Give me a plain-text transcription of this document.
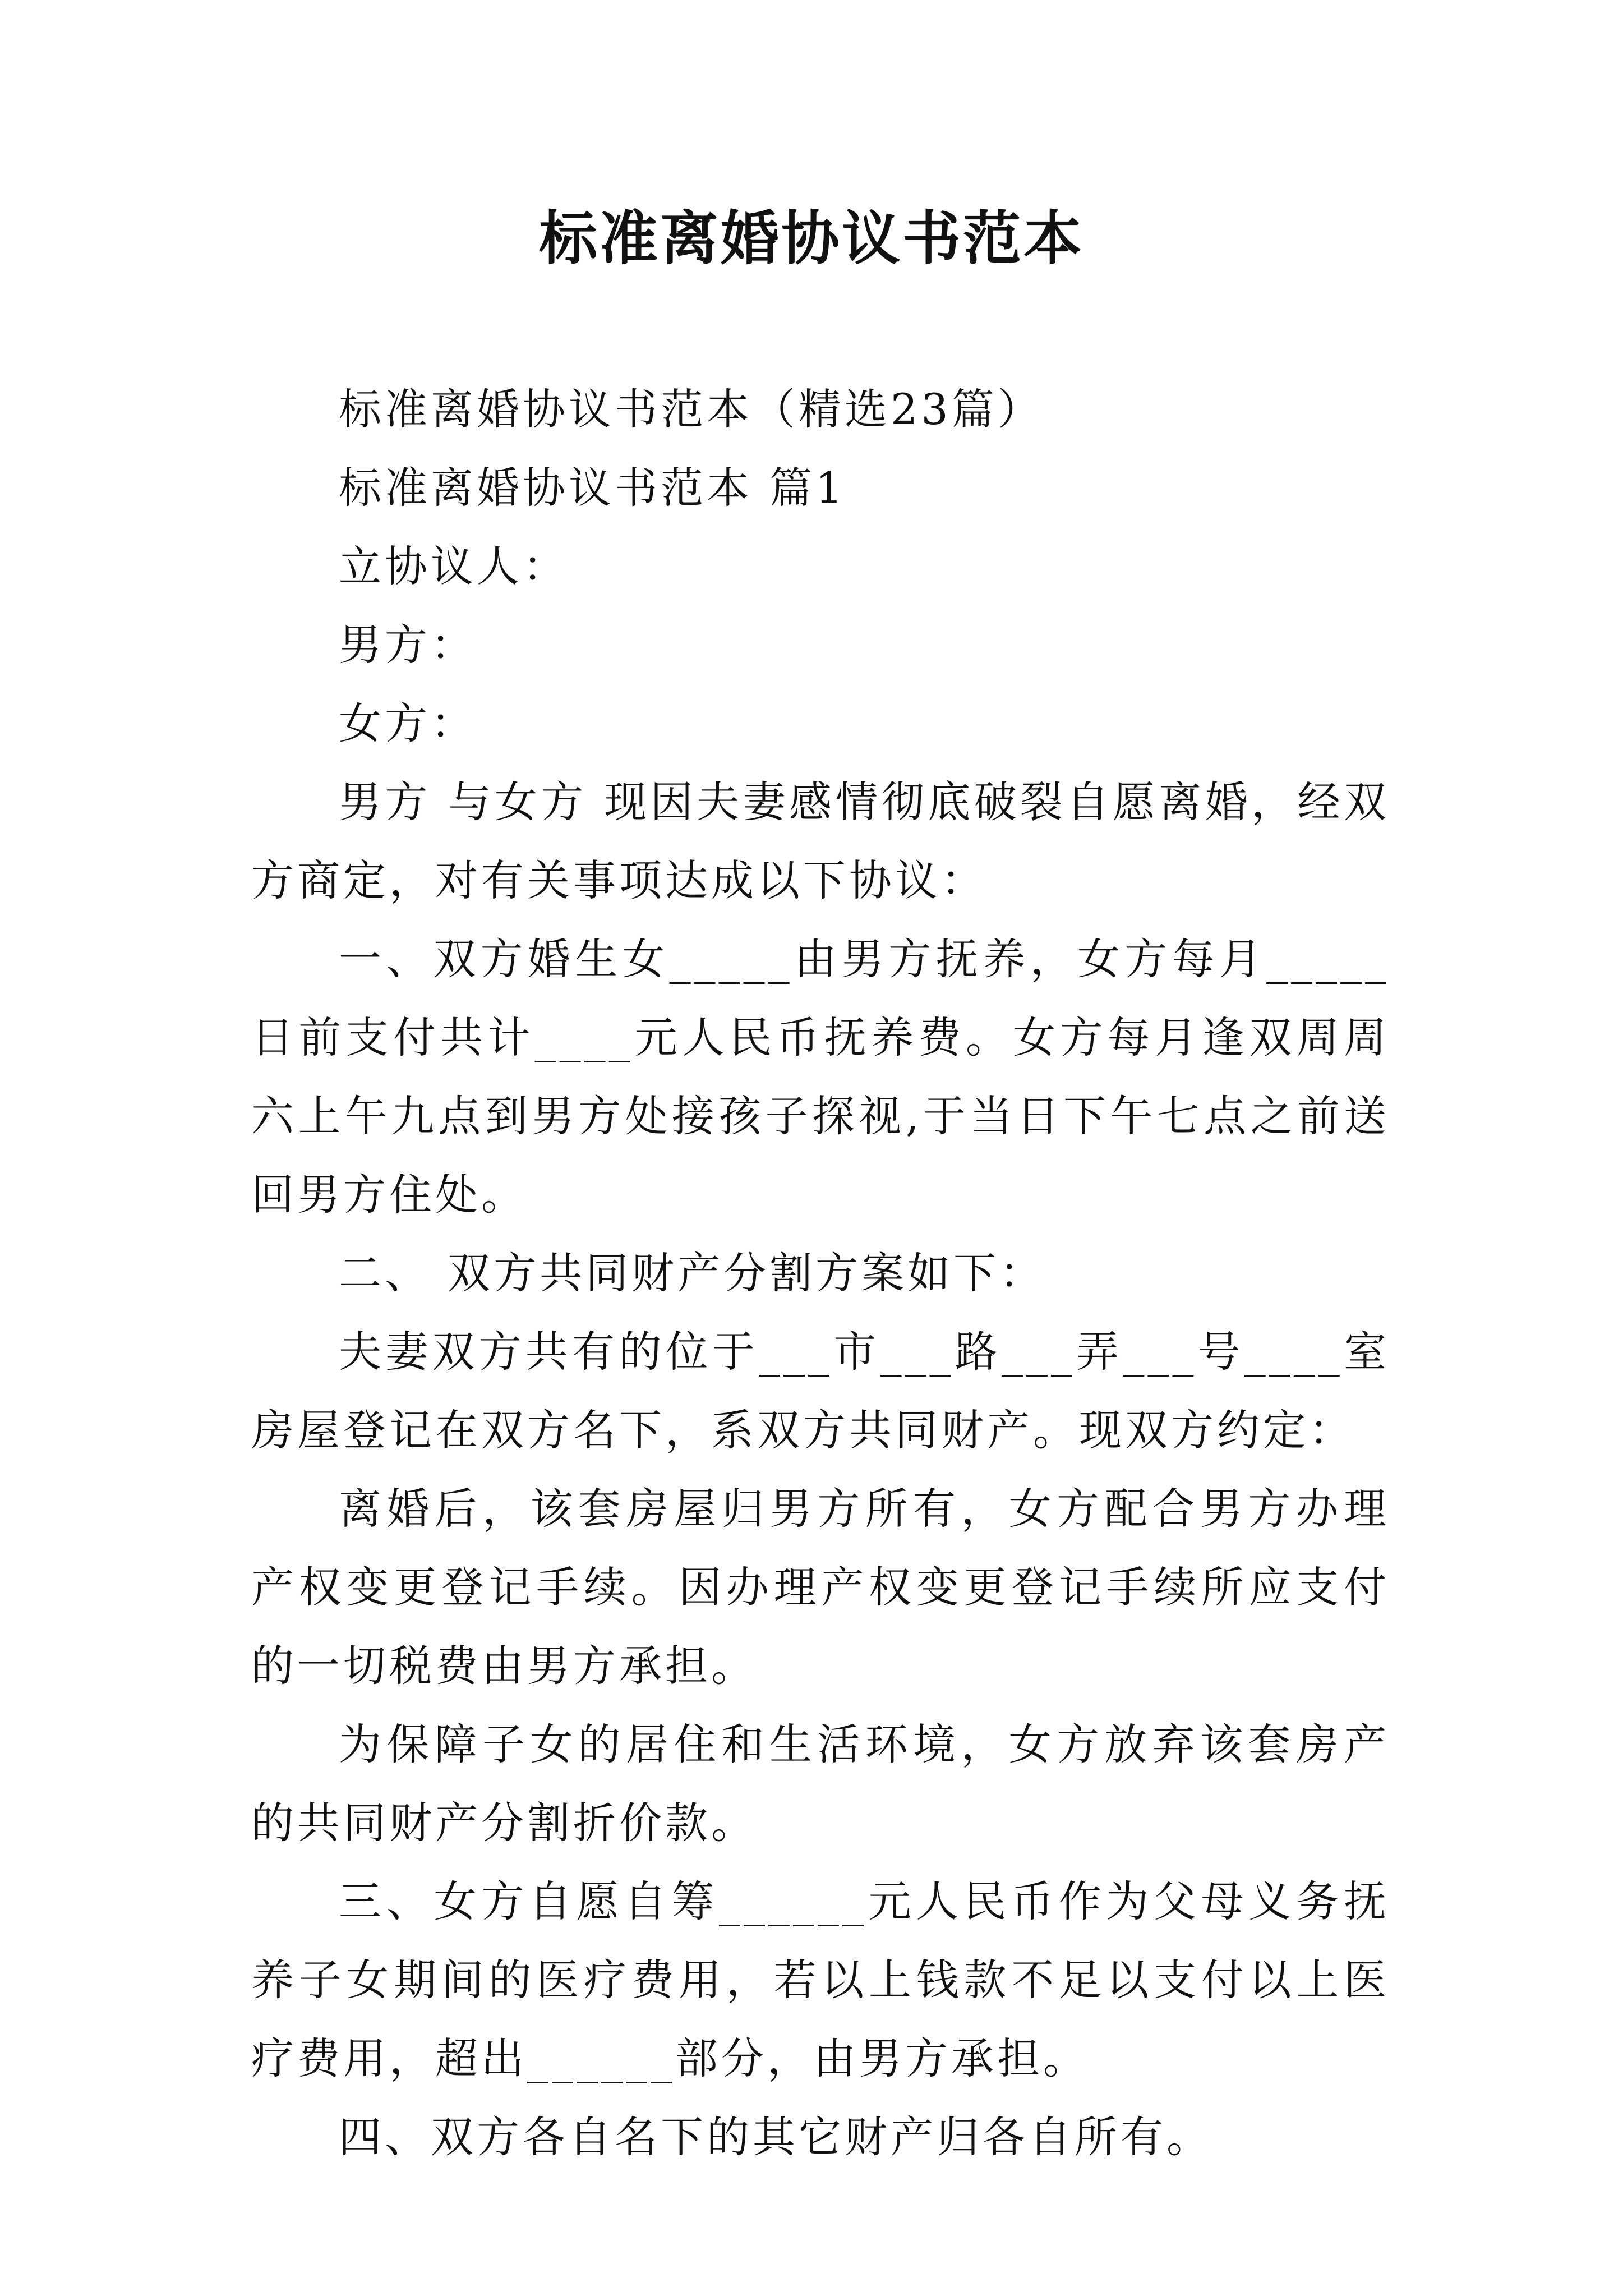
标准离婚协议书范本

标准离婚协议书范本（精选23篇）

标准离婚协议书范本 篇1

立协议人：

男方：

女方：

男方 与女方 现因夫妻感情彻底破裂自愿离婚，经双方商定，对有关事项达成以下协议：

一、双方婚生女_____由男方抚养，女方每月_____日前支付共计____元人民币抚养费。女方每月逢双周周六上午九点到男方处接孩子探视,于当日下午七点之前送回男方住处。

二、 双方共同财产分割方案如下：

夫妻双方共有的位于___市___路___弄___号____室房屋登记在双方名下，系双方共同财产。现双方约定：

离婚后，该套房屋归男方所有，女方配合男方办理产权变更登记手续。因办理产权变更登记手续所应支付的一切税费由男方承担。

为保障子女的居住和生活环境，女方放弃该套房产的共同财产分割折价款。

三、女方自愿自筹______元人民币作为父母义务抚养子女期间的医疗费用，若以上钱款不足以支付以上医疗费用，超出______部分，由男方承担。

四、双方各自名下的其它财产归各自所有。
